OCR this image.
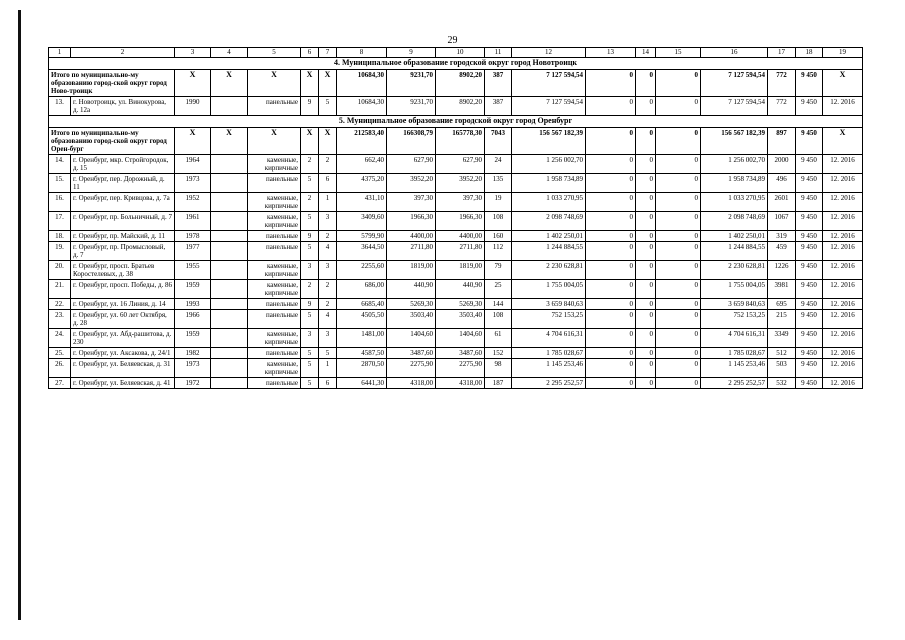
29
1	2	3	4	5	6	7	8	9	10	11	12	13	14	15	16	17	18	19
4. Муниципальное образование городской округ город Новотроицк																		
Итого по муниципально-му образованию город-ской округ город Ново-троицк		X	X	X	X	X	10684,30	9231,70	8902,20	387	7 127 594,54	0	0	0	7 127 594,54	772	9 450	X
13.	г. Новотроицк, ул. Винокурова, д. 12а	1990		панельные	9	5	10684,30	9231,70	8902,20	387	7 127 594,54	0	0	0	7 127 594,54	772	9 450	12. 2016
5. Муниципальное образование городской округ город Оренбург																		
Итого по муниципально-му образованию город-ской округ город Орен-бург		X	X	X	X	X	212583,40	166308,79	165778,30	7043	156 567 182,39	0	0	0	156 567 182,39	897	9 450	X
14.	г. Оренбург, мкр. Стройгородок, д. 15	1964		каменные, кирпичные	2	2	662,40	627,90	627,90	24	1 256 002,70	0	0	0	1 256 002,70	2000	9 450	12. 2016
15.	г. Оренбург, пер. Дорожный, д. 11	1973		панельные	5	6	4375,20	3952,20	3952,20	135	1 958 734,89	0	0	0	1 958 734,89	496	9 450	12. 2016
16.	г. Оренбург, пер. Кривцова, д. 7а	1952		каменные, кирпичные	2	1	431,10	397,30	397,30	19	1 033 270,95	0	0	0	1 033 270,95	2601	9 450	12. 2016
17.	г. Оренбург, пр. Больничный, д. 7	1961		каменные, кирпичные	5	3	3409,60	1966,30	1966,30	108	2 098 748,69	0	0	0	2 098 748,69	1067	9 450	12. 2016
18.	г. Оренбург, пр. Майский, д. 11	1978		панельные	9	2	5799,90	4400,00	4400,00	160	1 402 250,01	0	0	0	1 402 250,01	319	9 450	12. 2016
19.	г. Оренбург, пр. Промысловый, д. 7	1977		панельные	5	4	3644,50	2711,80	2711,80	112	1 244 884,55	0	0	0	1 244 884,55	459	9 450	12. 2016
20.	г. Оренбург, просп. Братьев Коростелевых, д. 38	1955		каменные, кирпичные	3	3	2255,60	1819,00	1819,00	79	2 230 628,81	0	0	0	2 230 628,81	1226	9 450	12. 2016
21.	г. Оренбург, просп. Победы, д. 86	1959		каменные, кирпичные	2	2	686,00	440,90	440,90	25	1 755 004,05	0	0	0	1 755 004,05	3981	9 450	12. 2016
22.	г. Оренбург, ул. 16 Линия, д. 14	1993		панельные	9	2	6685,40	5269,30	5269,30	144	3 659 840,63	0	0	0	3 659 840,63	695	9 450	12. 2016
23.	г. Оренбург, ул. 60 лет Октября, д. 28	1966		панельные	5	4	4505,50	3503,40	3503,40	108	752 153,25	0	0	0	752 153,25	215	9 450	12. 2016
24.	г. Оренбург, ул. Абд-рашитова, д. 230	1959		каменные, кирпичные	3	3	1481,00	1404,60	1404,60	61	4 704 616,31	0	0	0	4 704 616,31	3349	9 450	12. 2016
25.	г. Оренбург, ул. Аксакова, д. 24/1	1982		панельные	5	5	4587,50	3487,60	3487,60	152	1 785 028,67	0	0	0	1 785 028,67	512	9 450	12. 2016
26.	г. Оренбург, ул. Беляевская, д. 31	1973		каменные, кирпичные	5	1	2870,50	2275,90	2275,90	98	1 145 253,46	0	0	0	1 145 253,46	503	9 450	12. 2016
27.	г. Оренбург, ул. Беляевская, д. 41	1972		панельные	5	6	6441,30	4318,00	4318,00	187	2 295 252,57	0	0	0	2 295 252,57	532	9 450	12. 2016
